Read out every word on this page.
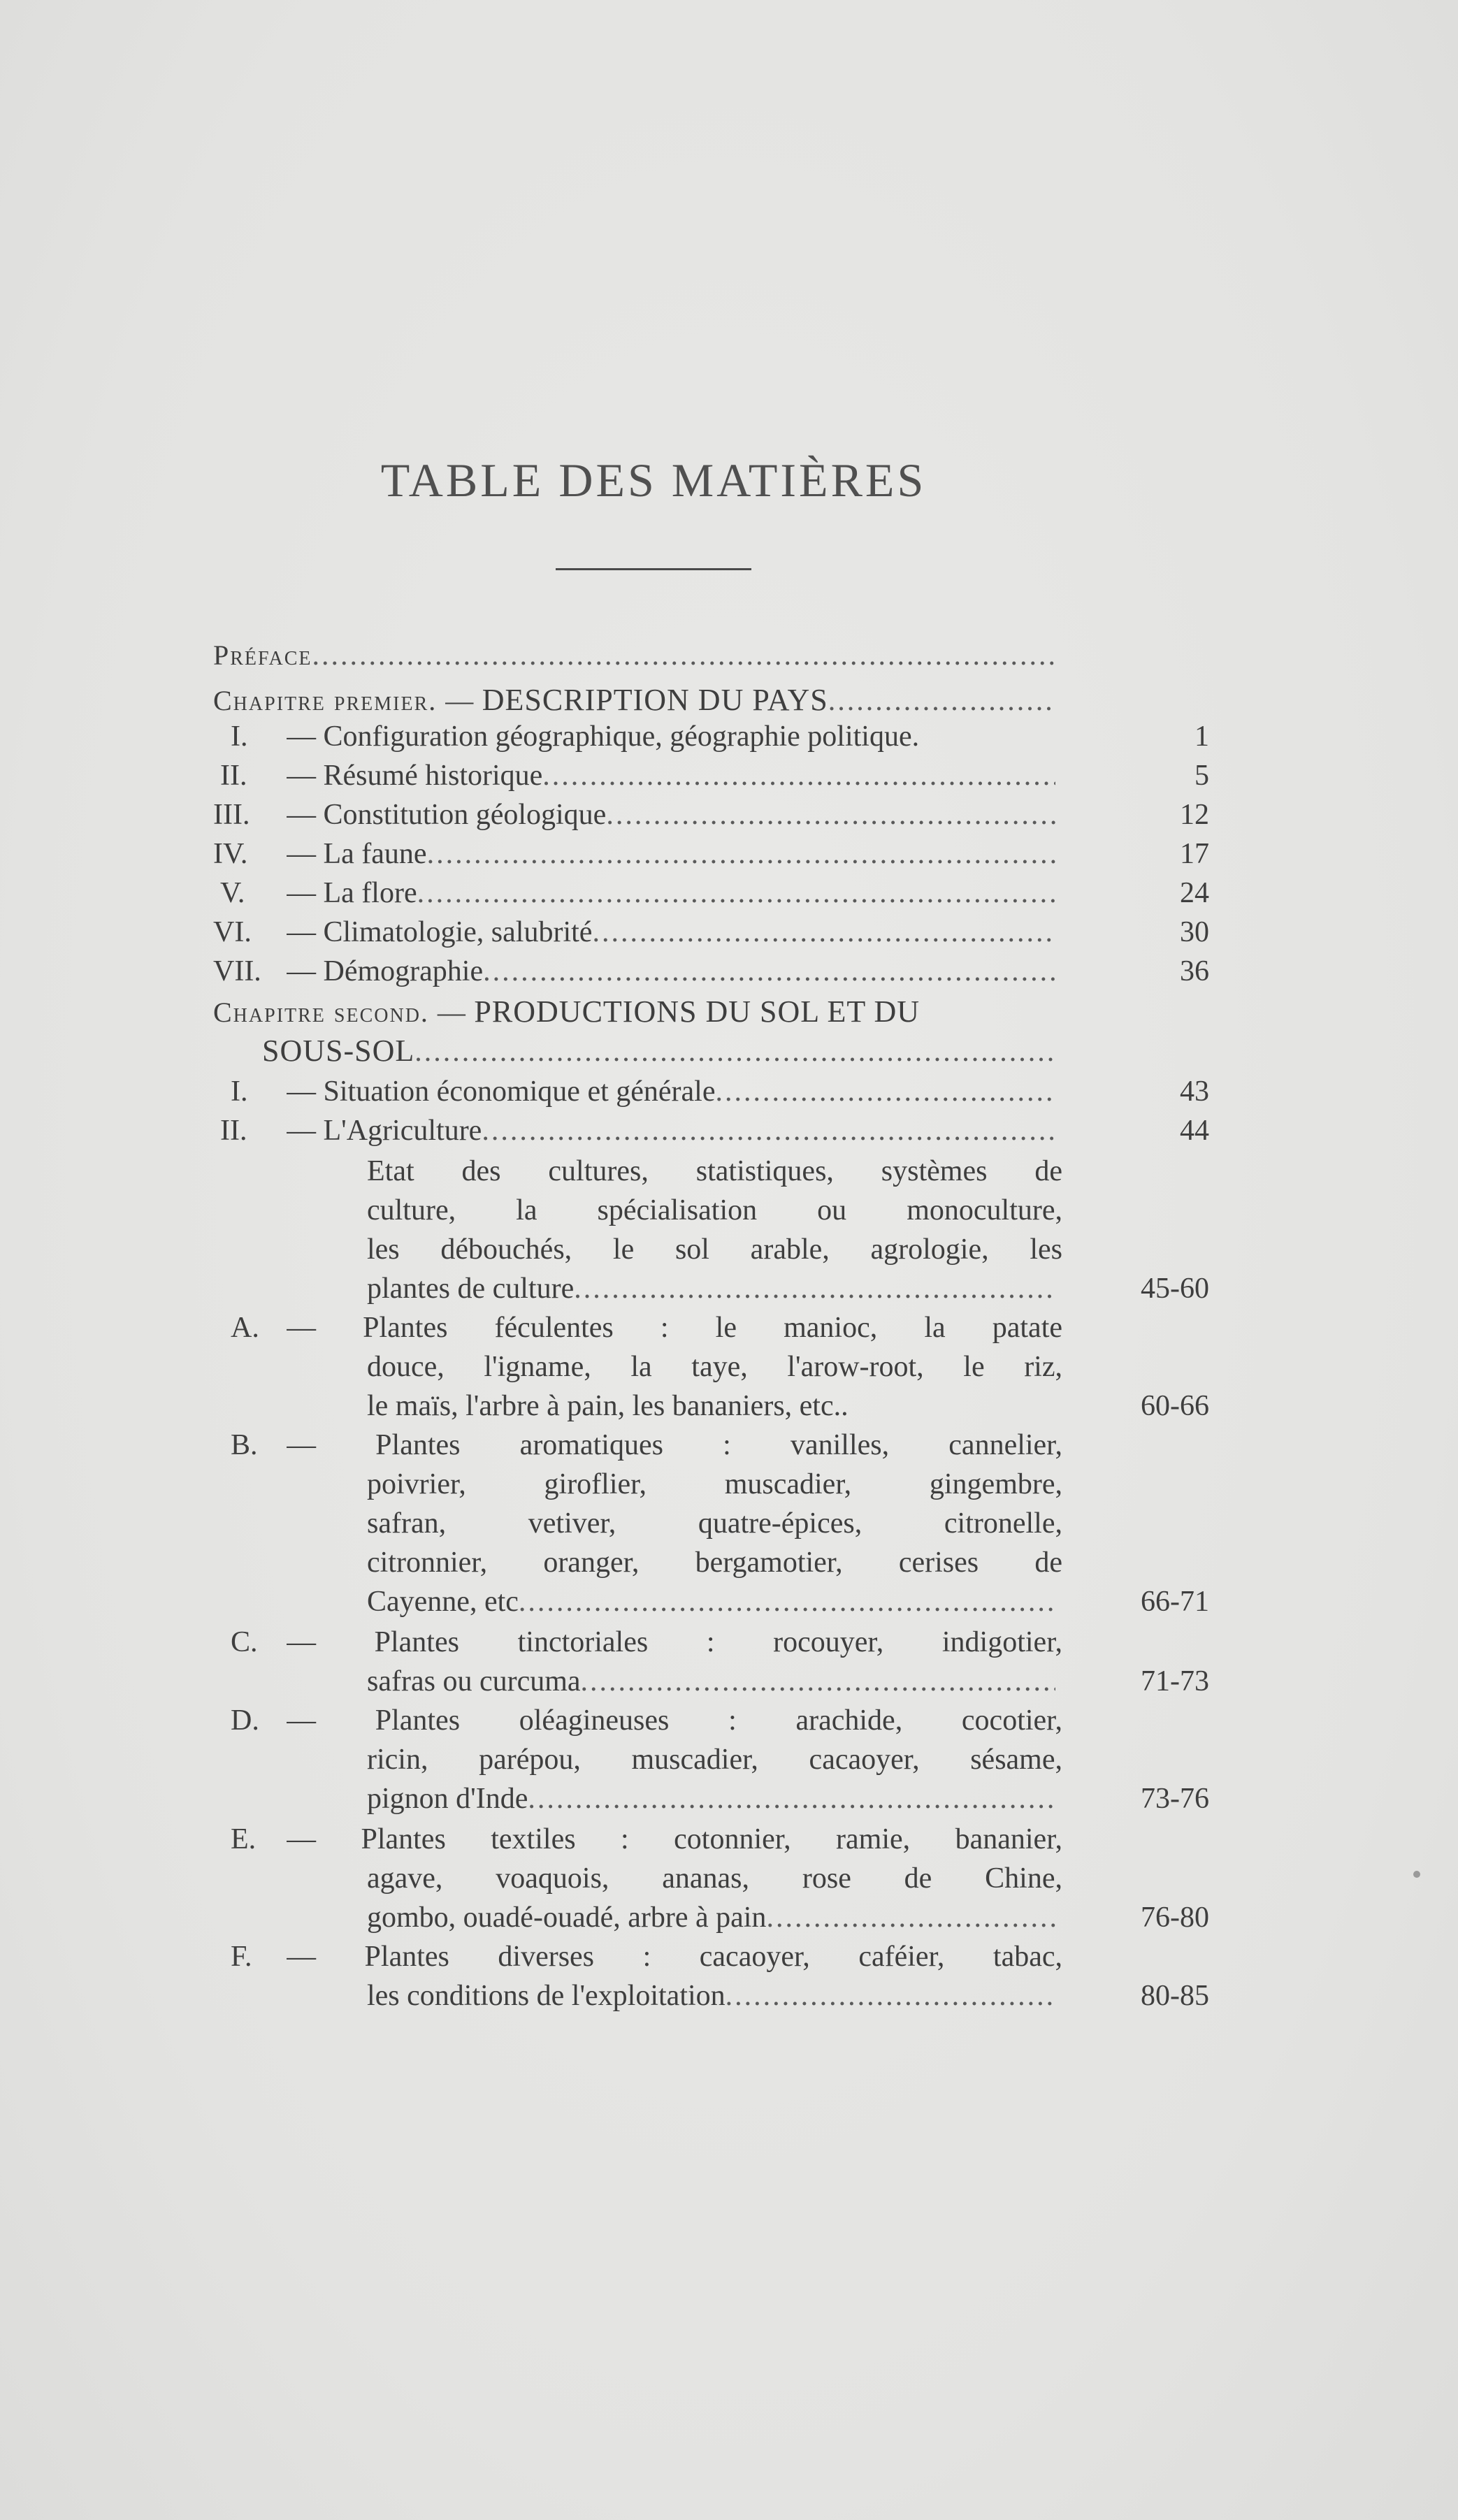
TABLE DES MATIÈRES
Préface
.....
Chapitre premier. — DESCRIPTION DU PAYS
.....
I.	— Configuration géographique, géographie politique.	1
II.	— Résumé historique .....	5
III.	— Constitution géologique .....	12
IV.	— La faune .....	17
V.	— La flore .....	24
VI.	— Climatologie, salubrité .....	30
VII. — Démographie .....	36
Chapitre second. — PRODUCTIONS DU SOL ET DU
SOUS-SOL
.....
I.	— Situation économique et générale .....	43
II.	— L'Agriculture .....	44
Etat des cultures, statistiques, systèmes de
culture, la spécialisation ou monoculture,
les débouchés, le sol arable, agrologie, les
plantes de culture .....	45-60
A. — Plantes féculentes : le manioc, la patate
douce, l'igname, la taye, l'arow-root, le riz,
le maïs, l'arbre à pain, les bananiers, etc..	60-66
B. — Plantes aromatiques : vanilles, cannelier,
poivrier, giroflier, muscadier, gingembre,
safran, vetiver, quatre-épices, citronelle,
citronnier, oranger, bergamotier, cerises de
Cayenne, etc .....	66-71
C. — Plantes tinctoriales : rocouyer, indigotier,
safras ou curcuma .....	71-73
D. — Plantes oléagineuses : arachide, cocotier,
ricin, parépou, muscadier, cacaoyer, sésame,
pignon d'Inde .....	73-76
E.	— Plantes textiles : cotonnier, ramie, bananier,
agave, voaquois, ananas, rose de Chine,
gombo, ouadé-ouadé, arbre à pain .....	76-80
F.	— Plantes diverses : cacaoyer, caféier, tabac,
les conditions de l'exploitation .....	80-85
